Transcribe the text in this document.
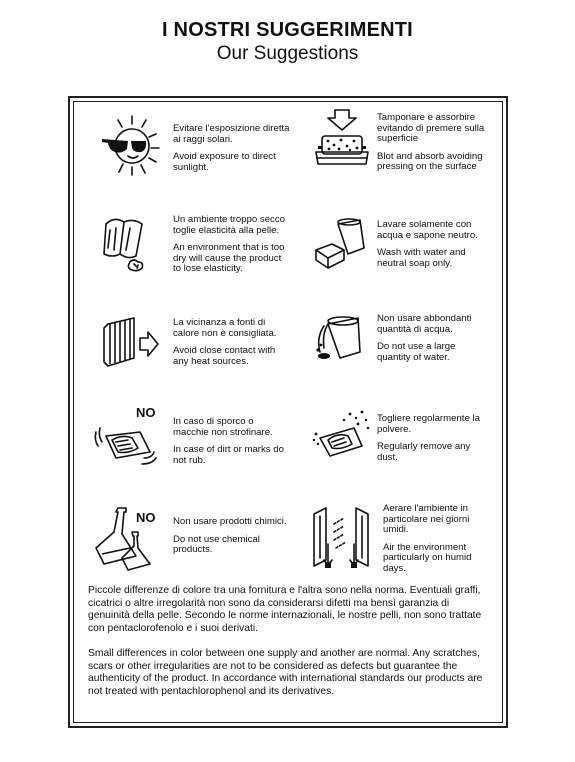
I NOSTRI SUGGERIMENTI
Our Suggestions

Evitare l'esposizione diretta ai raggi solari.

Avoid exposure to direct sunlight.

Tamponare e assorbire evitando di premere sulla superficie

Blot and absorb avoiding pressing on the surface

Un ambiente troppo secco toglie elasticità alla pelle.

An environment that is too dry will cause the product to lose elasticity.

Lavare solamente con acqua e sapone neutro.

Wash with water and neutral soap only.

La vicinanza a fonti di calore non è consigliata.

Avoid close contact with any heat sources.

Non usare abbondanti quantità di acqua.

Do not use a large quantity of water.

NO

In caso di sporco o macchie non strofinare.

In case of dirt or marks do not rub.

Togliere regolarmente la polvere.

Regularly remove any dust.

NO Non usare prodotti chimici.

Do not use chemical products.

Aerare l'ambiente in particolare nei giorni umidi.

Air the environment particularly on humid days.

Piccole differenze di colore tra una fornitura e l'altra sono nella norma. Eventuali graffi, cicatrici o altre irregolarità non sono da considerarsi difetti ma bensì garanzia di genuinità della pelle. Secondo le norme internazionali, le nostre pelli, non sono trattate con pentaclorofenolo e i suoi derivati.
Small differences in color between one supply and another are normal. Any scratches, scars or other irregularities are not to be considered as defects but guarantee the authenticity of the product. In accordance with international standards our products are not treated with pentachlorophenol and its derivatives.
